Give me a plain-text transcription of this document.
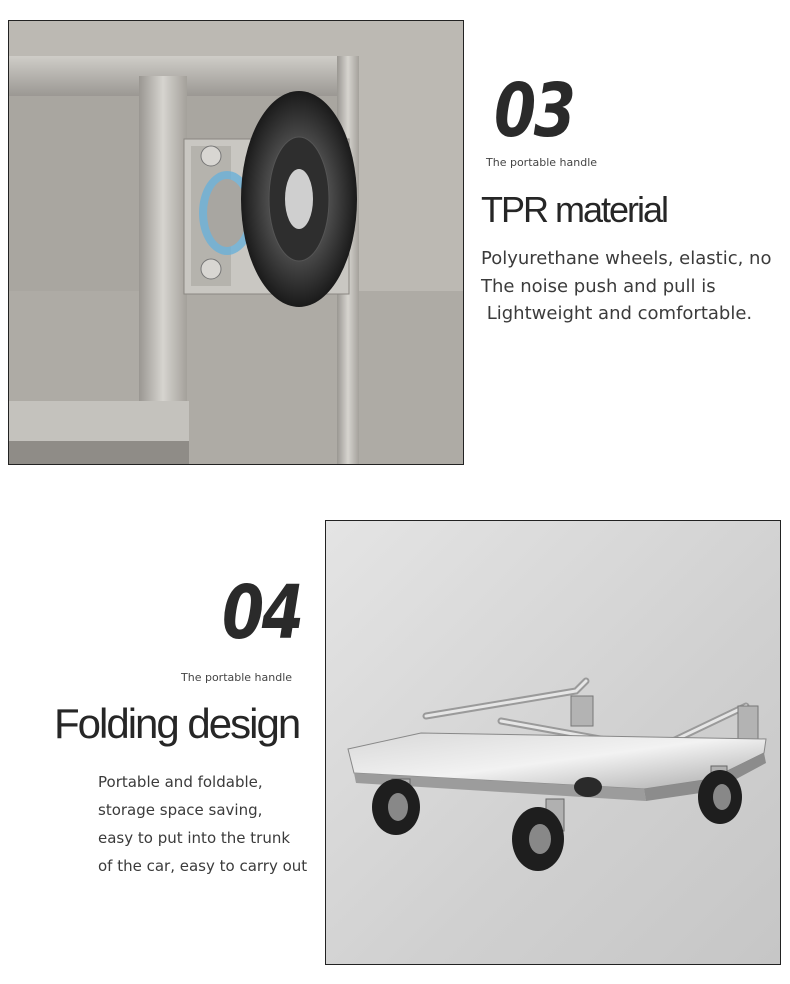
03
The portable handle
TPR material
Polyurethane wheels, elastic, no
The noise push and pull is
Lightweight and comfortable.
04
The portable handle
Folding design
Portable and foldable,
storage space saving,
easy to put into the trunk
of the car, easy to carry out
